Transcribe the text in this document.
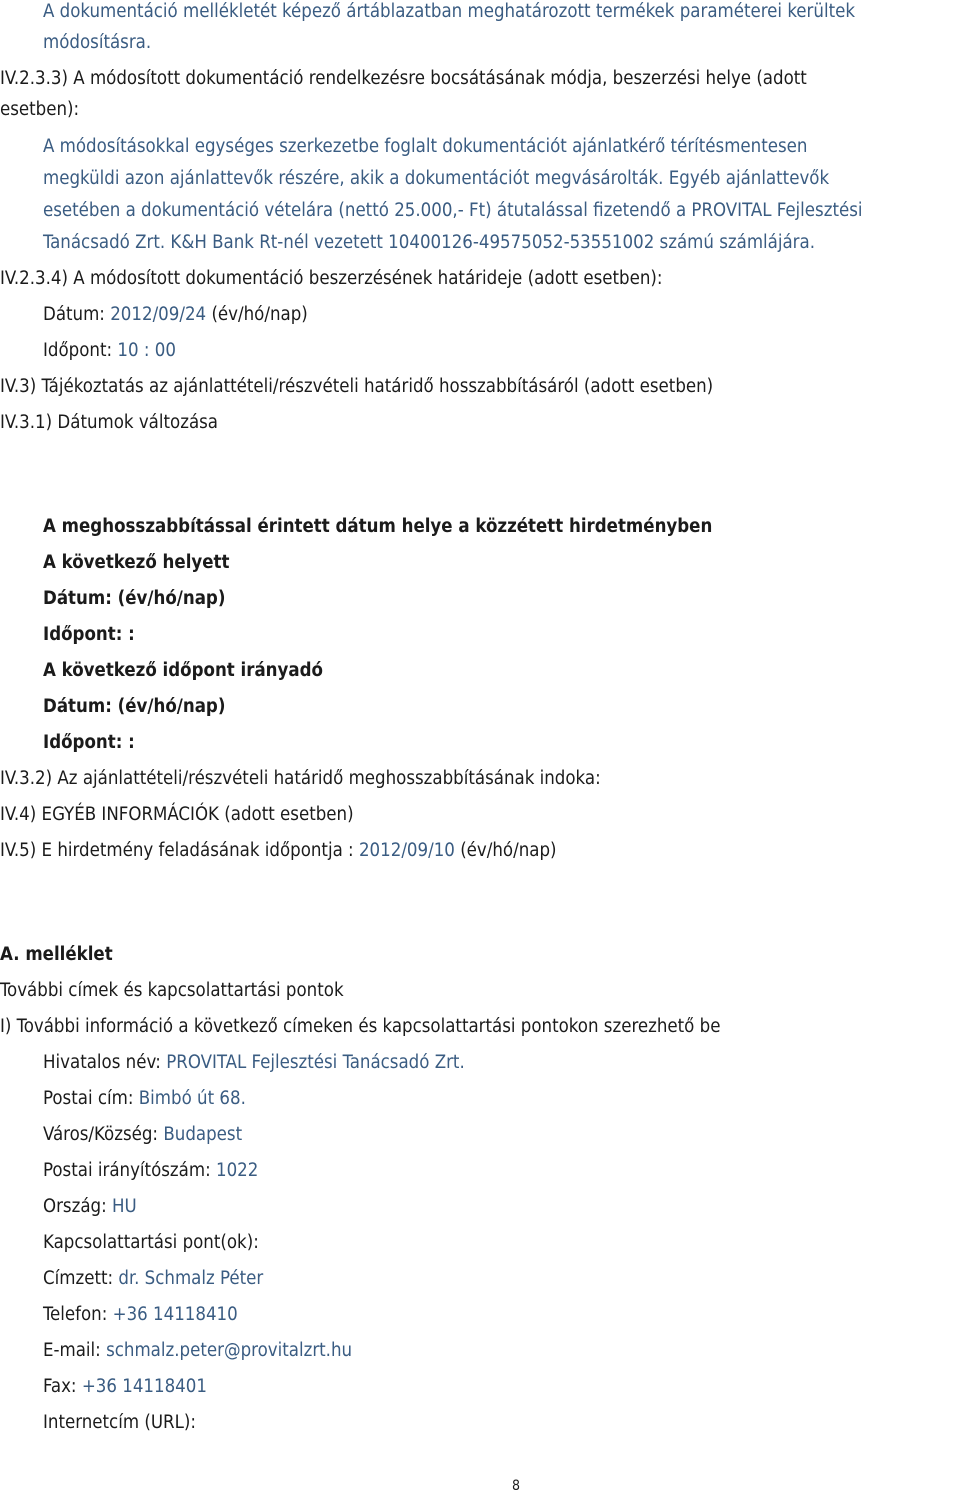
A dokumentáció mellékletét képező ártáblazatban meghatározott termékek paraméterei kerültek
módosításra.
IV.2.3.3) A módosított dokumentáció rendelkezésre bocsátásának módja, beszerzési helye (adott
esetben):
A módosításokkal egységes szerkezetbe foglalt dokumentációt ajánlatkérő térítésmentesen
megküldi azon ajánlattevők részére, akik a dokumentációt megvásárolták. Egyéb ajánlattevők
esetében a dokumentáció vételára (nettó 25.000,- Ft) átutalással fizetendő a PROVITAL Fejlesztési
Tanácsadó Zrt. K&H Bank Rt-nél vezetett 10400126-49575052-53551002 számú számlájára.
IV.2.3.4) A módosított dokumentáció beszerzésének határideje (adott esetben):
Dátum: 2012/09/24 (év/hó/nap)
Időpont: 10 : 00
IV.3) Tájékoztatás az ajánlattételi/részvételi határidő hosszabbításáról (adott esetben)
IV.3.1) Dátumok változása
A meghosszabbítással érintett dátum helye a közzétett hirdetményben
A következő helyett
Dátum: (év/hó/nap)
Időpont: :
A következő időpont irányadó
Dátum: (év/hó/nap)
Időpont: :
IV.3.2) Az ajánlattételi/részvételi határidő meghosszabbításának indoka:
IV.4) EGYÉB INFORMÁCIÓK (adott esetben)
IV.5) E hirdetmény feladásának időpontja : 2012/09/10 (év/hó/nap)
A. melléklet
További címek és kapcsolattartási pontok
I) További információ a következő címeken és kapcsolattartási pontokon szerezhető be
Hivatalos név: PROVITAL Fejlesztési Tanácsadó Zrt.
Postai cím: Bimbó út 68.
Város/Község: Budapest
Postai irányítószám: 1022
Ország: HU
Kapcsolattartási pont(ok):
Címzett: dr. Schmalz Péter
Telefon: +36 14118410
E-mail: schmalz.peter@provitalzrt.hu
Fax: +36 14118401
Internetcím (URL):
8
